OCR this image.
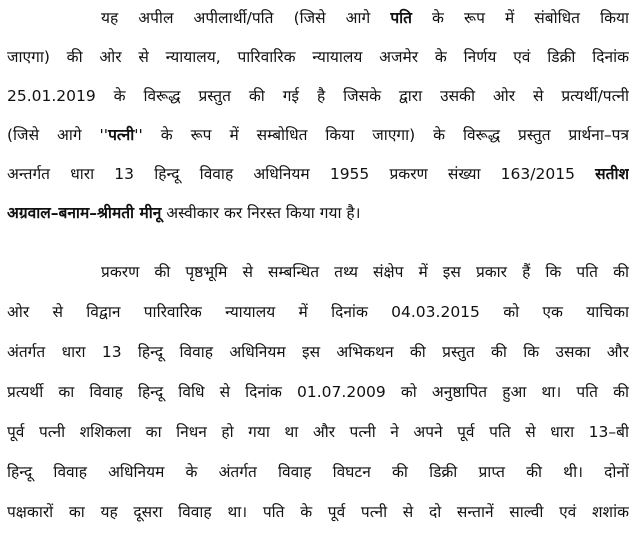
यह अपील अपीलार्थी/पति (जिसे आगे पति के रूप में संबोधित किया
जाएगा) की ओर से न्यायालय, पारिवारिक न्यायालय अजमेर के निर्णय एवं डिक्री दिनांक
25.01.2019 के विरूद्ध प्रस्तुत की गई है जिसके द्वारा उसकी ओर से प्रत्यर्थी/पत्नी
(जिसे आगे ''पत्नी'' के रूप में सम्बोधित किया जाएगा) के विरूद्ध प्रस्तुत प्रार्थना–पत्र
अन्तर्गत धारा 13 हिन्दू विवाह अधिनियम 1955 प्रकरण संख्या 163/2015 सतीश
अग्रवाल–बनाम–श्रीमती मीनू अस्वीकार कर निरस्त किया गया है।
प्रकरण की पृष्ठभूमि से सम्बन्धित तथ्य संक्षेप में इस प्रकार हैं कि पति की
ओर से विद्वान पारिवारिक न्यायालय में दिनांक 04.03.2015 को एक याचिका
अंतर्गत धारा 13 हिन्दू विवाह अधिनियम इस अभिकथन की प्रस्तुत की कि उसका और
प्रत्यर्थी का विवाह हिन्दू विधि से दिनांक 01.07.2009 को अनुष्ठापित हुआ था। पति की
पूर्व पत्नी शशिकला का निधन हो गया था और पत्नी ने अपने पूर्व पति से धारा 13–बी
हिन्दू विवाह अधिनियम के अंतर्गत विवाह विघटन की डिक्री प्राप्त की थी। दोनों
पक्षकारों का यह दूसरा विवाह था। पति के पूर्व पत्नी से दो सन्तानें साल्वी एवं शशांक
